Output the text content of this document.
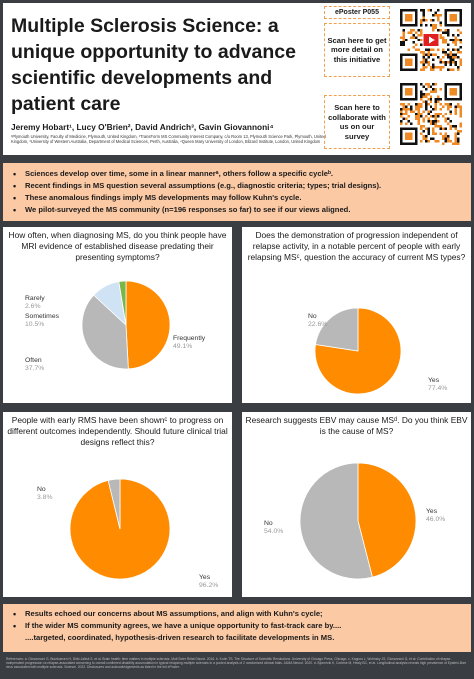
Multiple Sclerosis Science: a unique opportunity to advance scientific developments and patient care
Jeremy Hobart¹, Lucy O'Brien², David Andrich³, Gavin Giovannoni⁴
¹Plymouth University, Faculty of Medicine, Plymouth, United Kingdom, ²TransForm MS Community Interest Company, c/o Room 13, Plymouth Science Park, Plymouth, United Kingdom, ³University of Western Australia, Department of Medical Sciences, Perth, Australia, ⁴Queen Mary University of London, Blizard Institute, London, United Kingdom
ePoster P055
Scan here to get more detail on this initiative
Scan here to collaborate with us on our survey
• Sciences develop over time, some in a linear mannerᵃ, others follow a specific cycleᵇ.
• Recent findings in MS question several assumptions (e.g., diagnostic criteria; types; trial designs).
• These anomalous findings imply MS developments may follow Kuhn's cycle.
• We pilot-surveyed the MS community (n=196 responses so far) to see if our views aligned.
How often, when diagnosing MS, do you think people have MRI evidence of established disease predating their presenting symptoms?
Rarely
2.6%
Sometimes
10.5%
Often
37.7%
Frequently
49.1%
Does the demonstration of progression independent of relapse activity, in a notable percent of people with early relapsing MSᶜ, question the accuracy of current MS types?
No
22.6%
Yes
77.4%
People with early RMS have been shownᶜ to progress on different outcomes independently. Should future clinical trial designs reflect this?
No
3.8%
Yes
96.2%
Research suggests EBV may cause MSᵈ. Do you think EBV is the cause of MS?
No
54.0%
Yes
46.0%
• Results echoed our concerns about MS assumptions, and align with Kuhn's cycle;
• If the wider MS community agrees, we have a unique opportunity to fast-track care by....
....targeted, coordinated, hypothesis-driven research to facilitate developments in MS.
References: a. Giovannoni G, Butzkueven H, Dhib-Jalbut S, et al. Brain health: time matters in multiple sclerosis. Mult Scler Relat Disord. 2016. b. Kuhn TS. The Structure of Scientific Revolutions. University of Chicago Press, Chicago. c. Kappos L, Wolinsky JS, Giovannoni G, et al. Contribution of relapse-independent progression vs relapse-associated worsening to overall confirmed disability accumulation in typical relapsing multiple sclerosis in a pooled analysis of 2 randomized clinical trials. JAMA Neurol. 2020. d. Bjornevik K, Cortese M, Healy BC, et al. Longitudinal analysis reveals high prevalence of Epstein-Barr virus associated with multiple sclerosis. Science. 2022. Disclosures and acknowledgements as listed in the full ePoster.
